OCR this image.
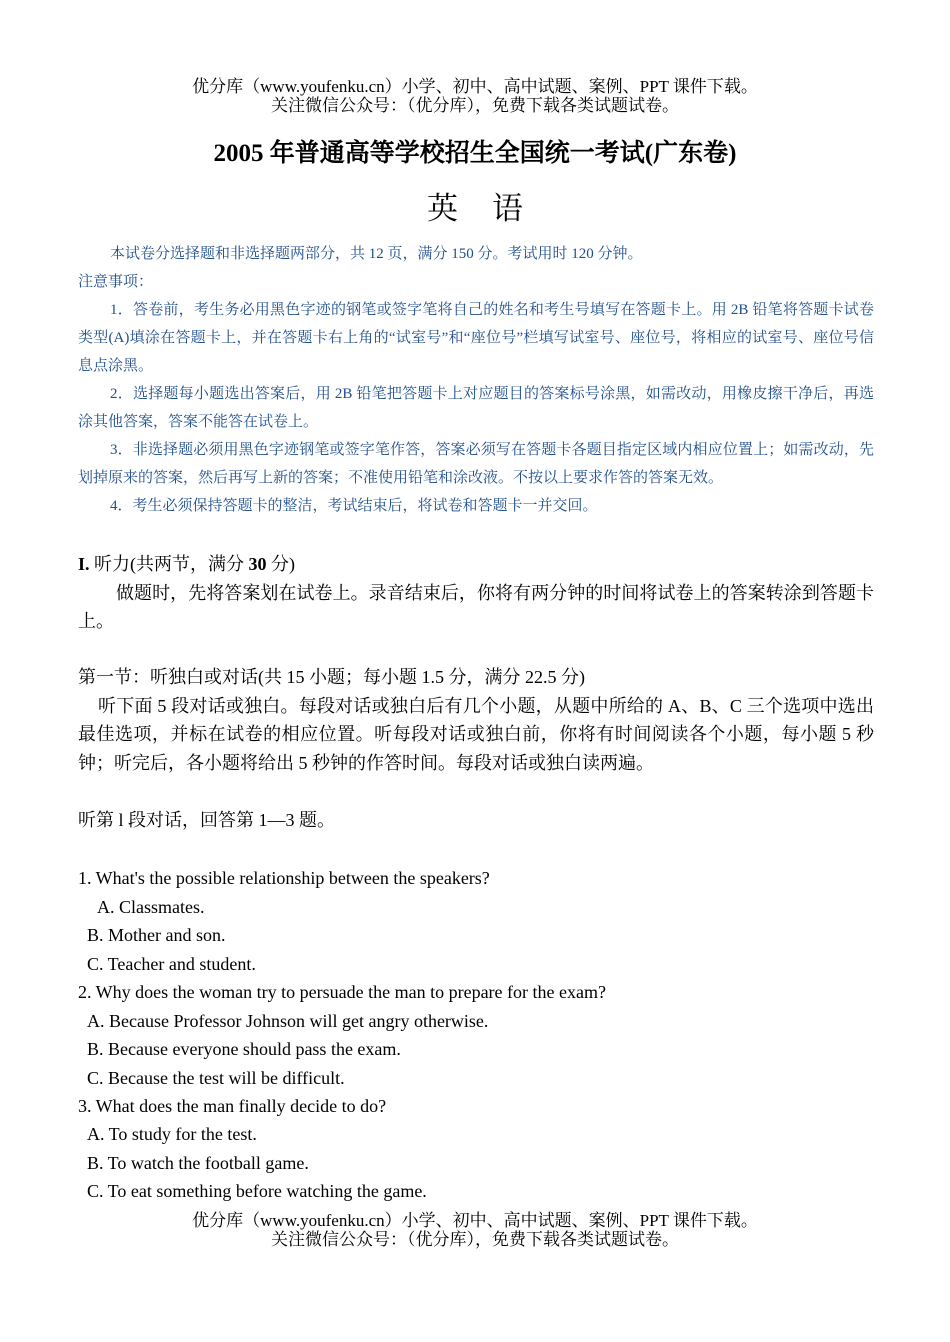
优分库（www.youfenku.cn）小学、初中、高中试题、案例、PPT 课件下载。
关注微信公众号：（优分库），免费下载各类试题试卷。
2005 年普通高等学校招生全国统一考试(广东卷)
英语

本试卷分选择题和非选择题两部分，共 12 页，满分 150 分。考试用时 120 分钟。

注意事项：

1．答卷前，考生务必用黑色字迹的钢笔或签字笔将自己的姓名和考生号填写在答题卡上。用 2B 铅笔将答题卡试卷类型(A)填涂在答题卡上，并在答题卡右上角的“试室号”和“座位号”栏填写试室号、座位号，将相应的试室号、座位号信息点涂黑。

2．选择题每小题选出答案后，用 2B 铅笔把答题卡上对应题目的答案标号涂黑，如需改动，用橡皮擦干净后，再选涂其他答案，答案不能答在试卷上。

3．非选择题必须用黑色字迹钢笔或签字笔作答，答案必须写在答题卡各题目指定区域内相应位置上；如需改动，先划掉原来的答案，然后再写上新的答案；不准使用铅笔和涂改液。不按以上要求作答的答案无效。

4．考生必须保持答题卡的整洁，考试结束后，将试卷和答题卡一并交回。

I. 听力(共两节，满分 30 分)

做题时，先将答案划在试卷上。录音结束后，你将有两分钟的时间将试卷上的答案转涂到答题卡上。

第一节：听独白或对话(共 15 小题；每小题 1.5 分，满分 22.5 分)

听下面 5 段对话或独白。每段对话或独白后有几个小题，从题中所给的 A、B、C 三个选项中选出最佳选项，并标在试卷的相应位置。听每段对话或独白前，你将有时间阅读各个小题，每小题 5 秒钟；听完后，各小题将给出 5 秒钟的作答时间。每段对话或独白读两遍。

听第 l 段对话，回答第 1—3 题。

1. What's the possible relationship between the speakers?
A. Classmates.
B. Mother and son.
C. Teacher and student.
2. Why does the woman try to persuade the man to prepare for the exam?
A. Because Professor Johnson will get angry otherwise.
B. Because everyone should pass the exam.
C. Because the test will be difficult.
3. What does the man finally decide to do?
A. To study for the test.
B. To watch the football game.
C. To eat something before watching the game.
优分库（www.youfenku.cn）小学、初中、高中试题、案例、PPT 课件下载。
关注微信公众号：（优分库），免费下载各类试题试卷。
